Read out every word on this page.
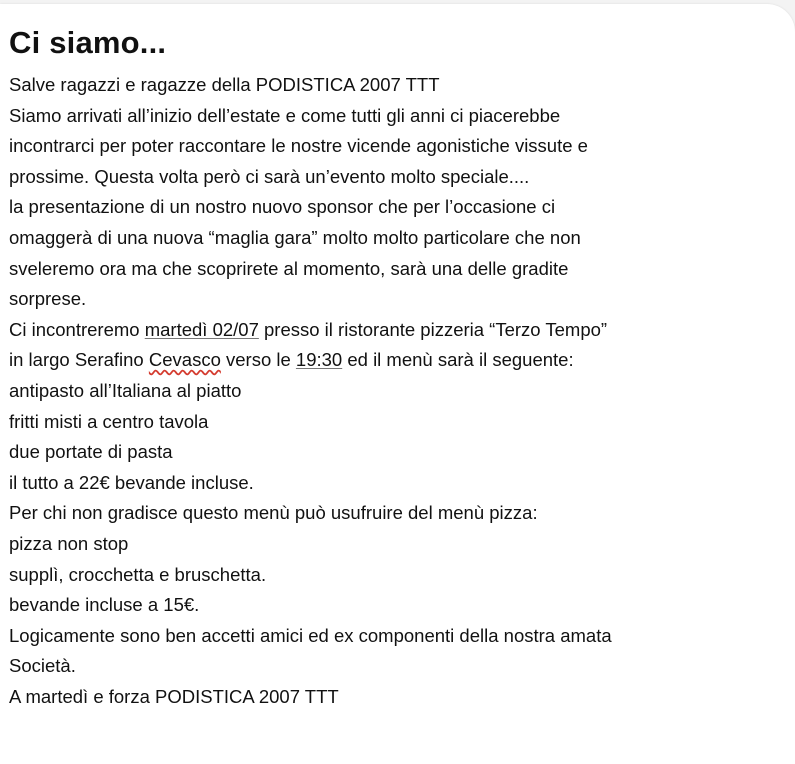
Ci siamo...
Salve ragazzi e ragazze della PODISTICA 2007 TTT
Siamo arrivati all’inizio dell’estate e come tutti gli anni ci piacerebbe
incontrarci per poter raccontare le nostre vicende agonistiche vissute e
prossime. Questa volta però ci sarà un’evento molto speciale....
la presentazione di un nostro nuovo sponsor che per l’occasione ci
omaggerà di una nuova “maglia gara” molto molto particolare che non
sveleremo ora ma che scoprirete al momento, sarà una delle gradite
sorprese.
Ci incontreremo martedì 02/07 presso il ristorante pizzeria “Terzo Tempo”
in largo Serafino Cevasco verso le 19:30 ed il menù sarà il seguente:
antipasto all’Italiana al piatto
fritti misti a centro tavola
due portate di pasta
il tutto a 22€ bevande incluse.
Per chi non gradisce questo menù può usufruire del menù pizza:
pizza non stop
supplì, crocchetta e bruschetta.
bevande incluse a 15€.
Logicamente sono ben accetti amici ed ex componenti della nostra amata
Società.
A martedì e forza PODISTICA 2007 TTT
